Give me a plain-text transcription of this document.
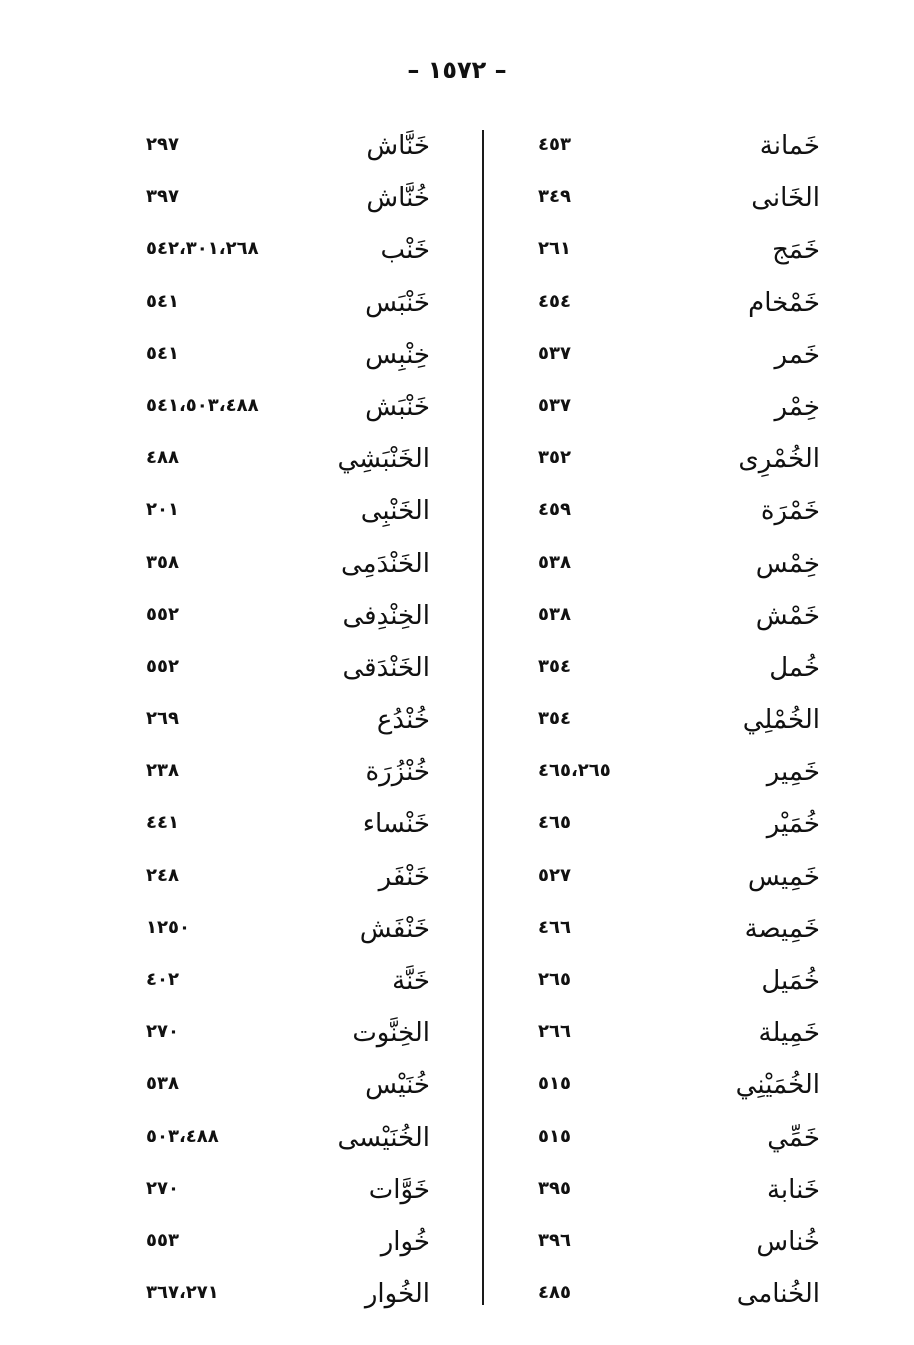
– ١٥٧٢ –
خَمانة
٤٥٣
الخَانى
٣٤٩
خَمَج
٢٦١
خَمْخام
٤٥٤
خَمر
٥٣٧
خِمْر
٥٣٧
الخُمْرِى
٣٥٢
خَمْرَة
٤٥٩
خِمْس
٥٣٨
خَمْش
٥٣٨
خُمل
٣٥٤
الخُمْلِي
٣٥٤
خَمِير
٤٦٥،٢٦٥
خُمَيْر
٤٦٥
خَمِيس
٥٢٧
خَمِيصة
٤٦٦
خُمَيل
٢٦٥
خَمِيلة
٢٦٦
الخُمَيْنِي
٥١٥
خَمِّي
٥١٥
خَنابة
٣٩٥
خُناس
٣٩٦
الخُنامى
٤٨٥
خَنَّاش
٢٩٧
خُنَّاش
٣٩٧
خَنْب
٥٤٢،٣٠١،٢٦٨
خَنْبَس
٥٤١
خِنْبِس
٥٤١
خَنْبَش
٥٤١،٥٠٣،٤٨٨
الخَنْبَشِي
٤٨٨
الخَنْبِى
٢٠١
الخَنْدَمِى
٣٥٨
الخِنْدِفى
٥٥٢
الخَنْدَقى
٥٥٢
خُنْدُع
٢٦٩
خُنْزُرَة
٢٣٨
خَنْساء
٤٤١
خَنْفَر
٢٤٨
خَنْفَش
١٢٥٠
خَنَّة
٤٠٢
الخِنَّوت
٢٧٠
خُنَيْس
٥٣٨
الخُنَيْسى
٥٠٣،٤٨٨
خَوَّات
٢٧٠
خُوار
٥٥٣
الخُوار
٣٦٧،٢٧١
